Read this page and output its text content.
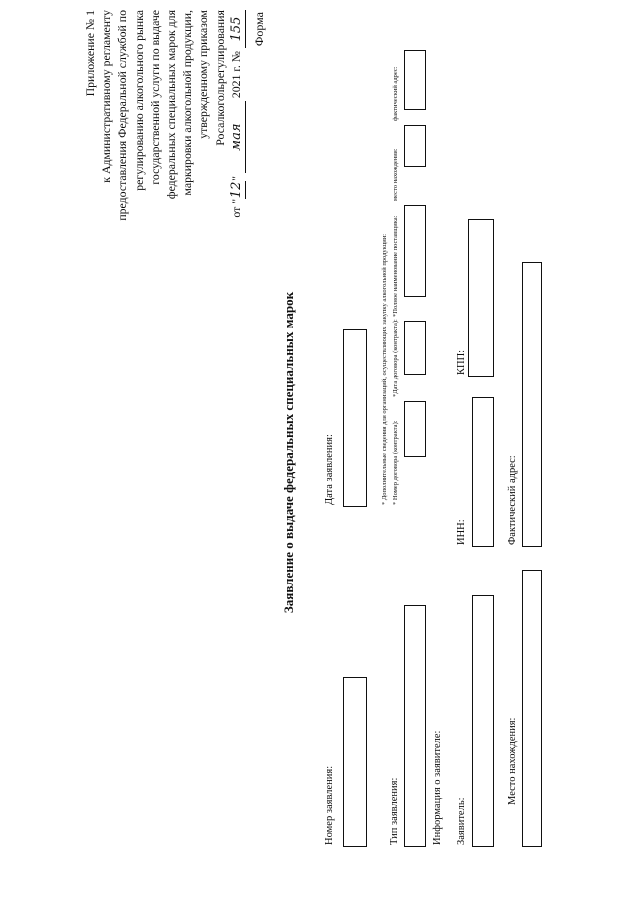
Приложение № 1 к Административному регламенту предоставления Федеральной службой по регулированию алкогольного рынка государственной услуги по выдаче федеральных специальных марок для маркировки алкогольной продукции, утвержденному приказом Росалкогольрегулирования
от "12" мая 2021 г. № 155 Форма
Заявление о выдаче федеральных специальных марок
Номер заявления:
Дата заявления:
Тип заявления:
* Дополнительные сведения для организаций, осуществляющих закупку алкогольной продукции: * Номер договора (контракта):
*Дата договора (контракта):
*Полное наименование поставщика:
место нахождения:
фактический адрес:
Информация о заявителе: Заявитель:
ИНН:
КПП:
Место нахождения:
Фактический адрес:
